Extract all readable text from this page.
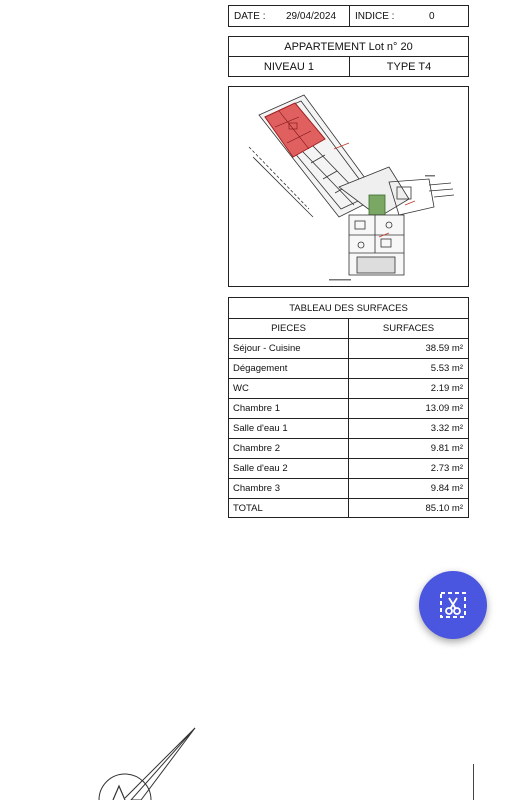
DATE : 29/04/2024 INDICE :	0
APPARTEMENT Lot n° 20
NIVEAU 1	TYPE T4
TABLEAU DES SURFACES
PIECES	SURFACES
Séjour - Cuisine	38.59 m²
Dégagement	5.53 m²
WC	2.19 m²
Chambre 1	13.09 m²
Salle d'eau 1	3.32 m²
Chambre 2	9.81 m²
Salle d'eau 2	2.73 m²
Chambre 3	9.84 m²
TOTAL	85.10 m²
